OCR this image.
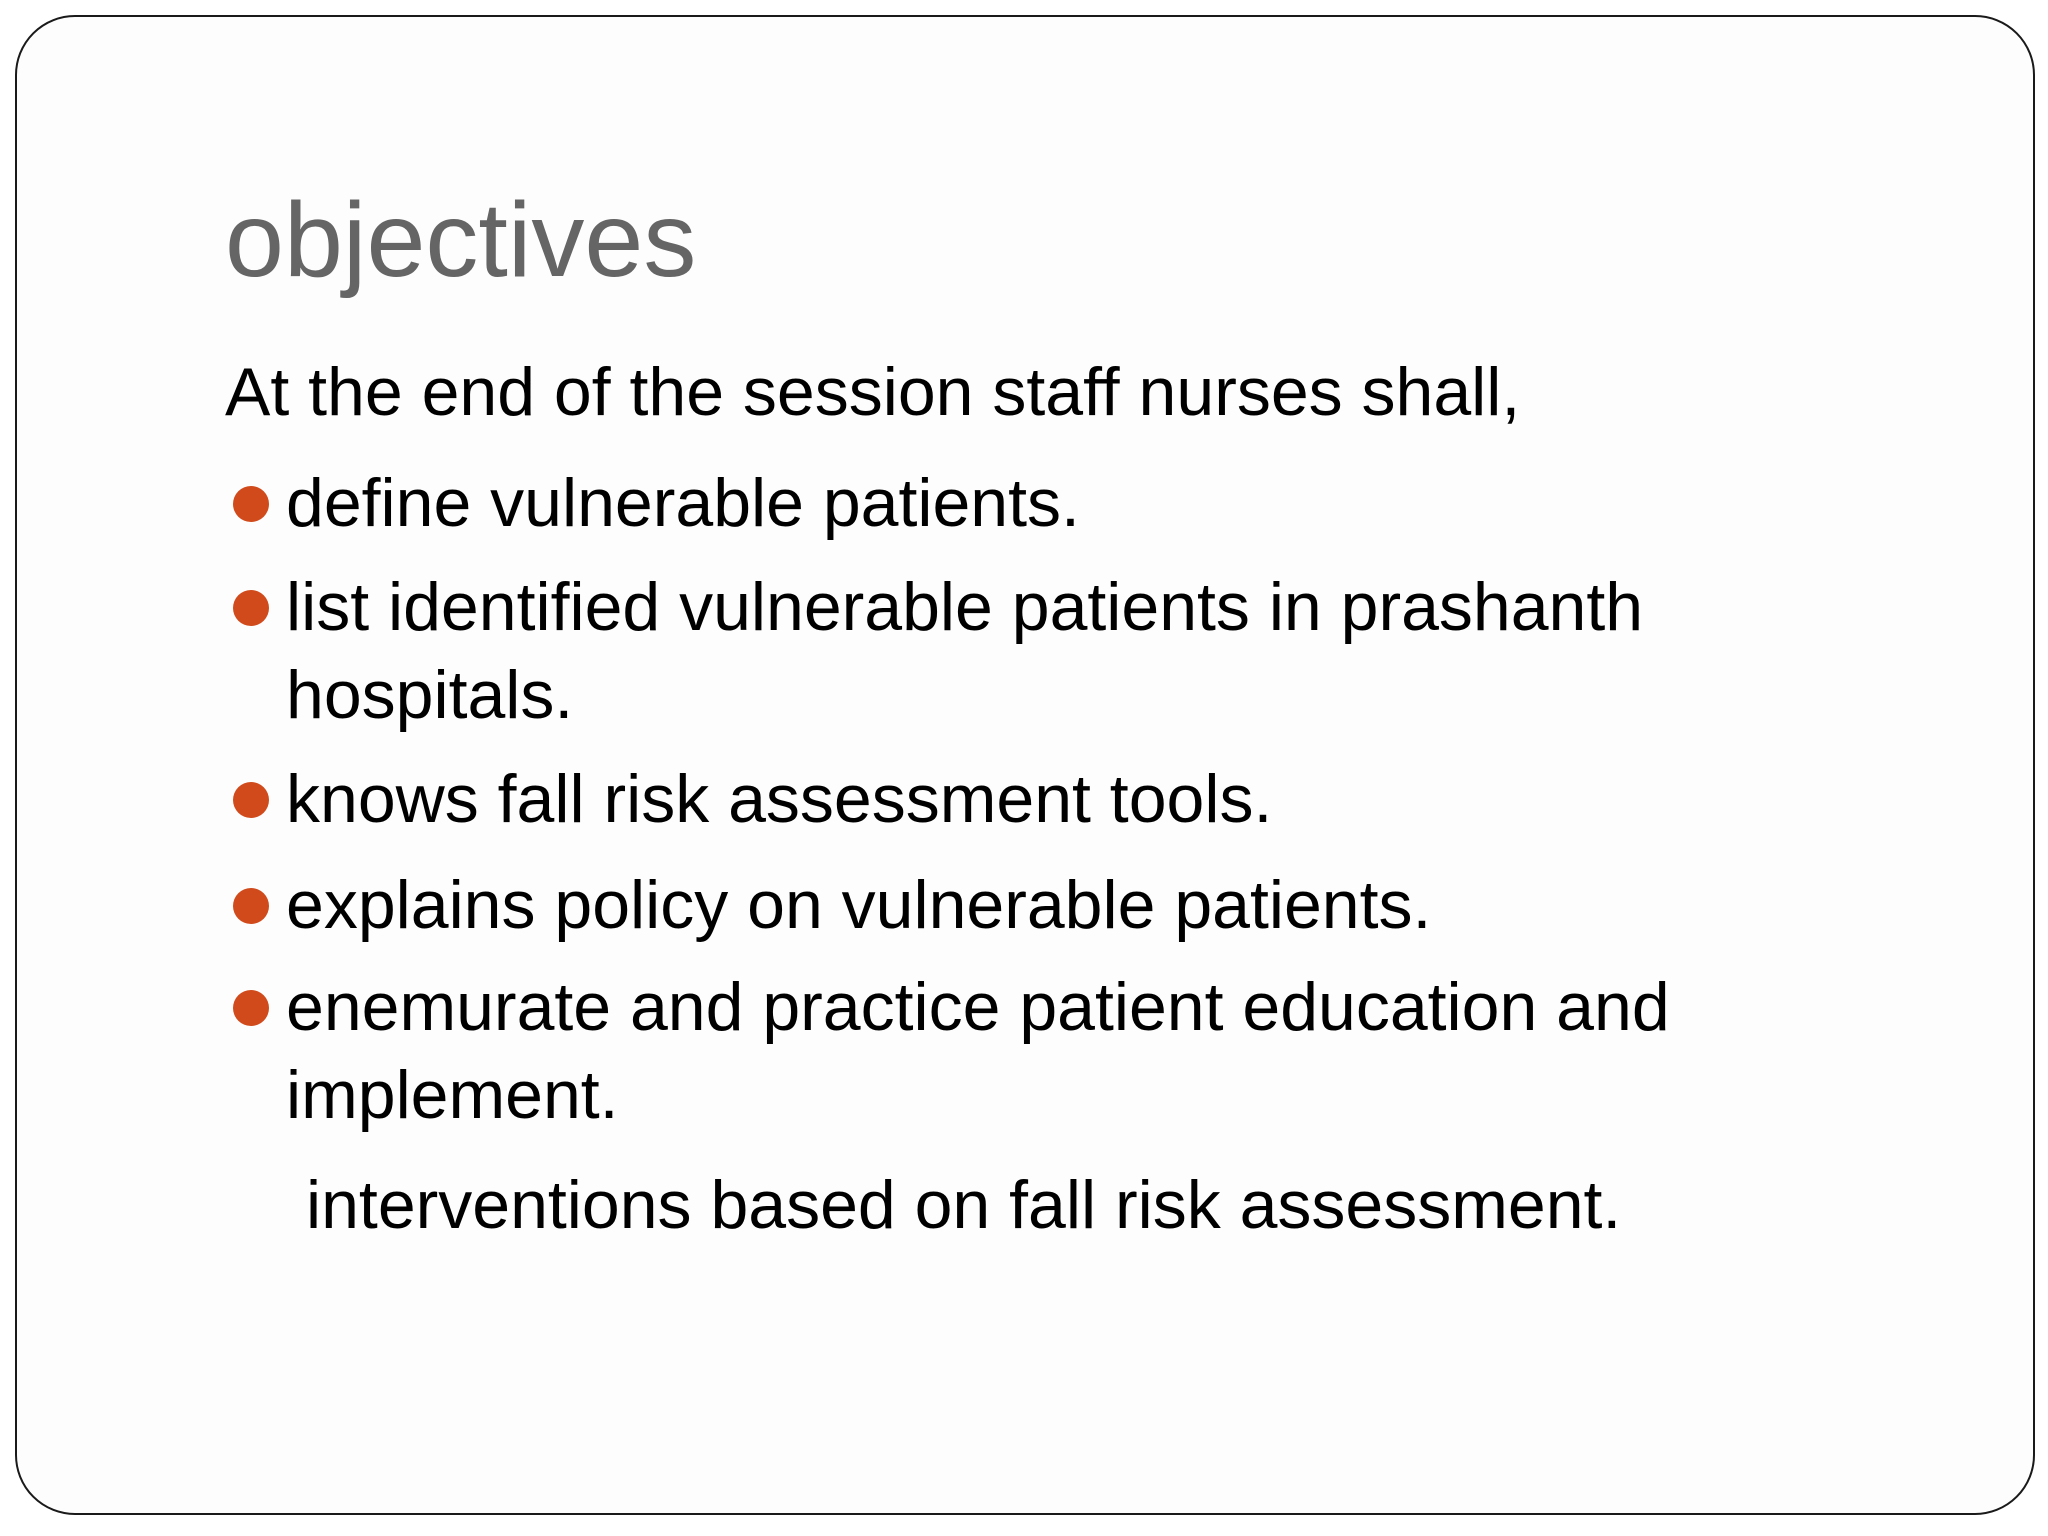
objectives
At the end of the session staff nurses shall,
define vulnerable patients.
list identified vulnerable patients in prashanth hospitals.
knows fall risk assessment tools.
explains policy on vulnerable patients.
enemurate and practice patient education and implement.
interventions based on fall risk assessment.
